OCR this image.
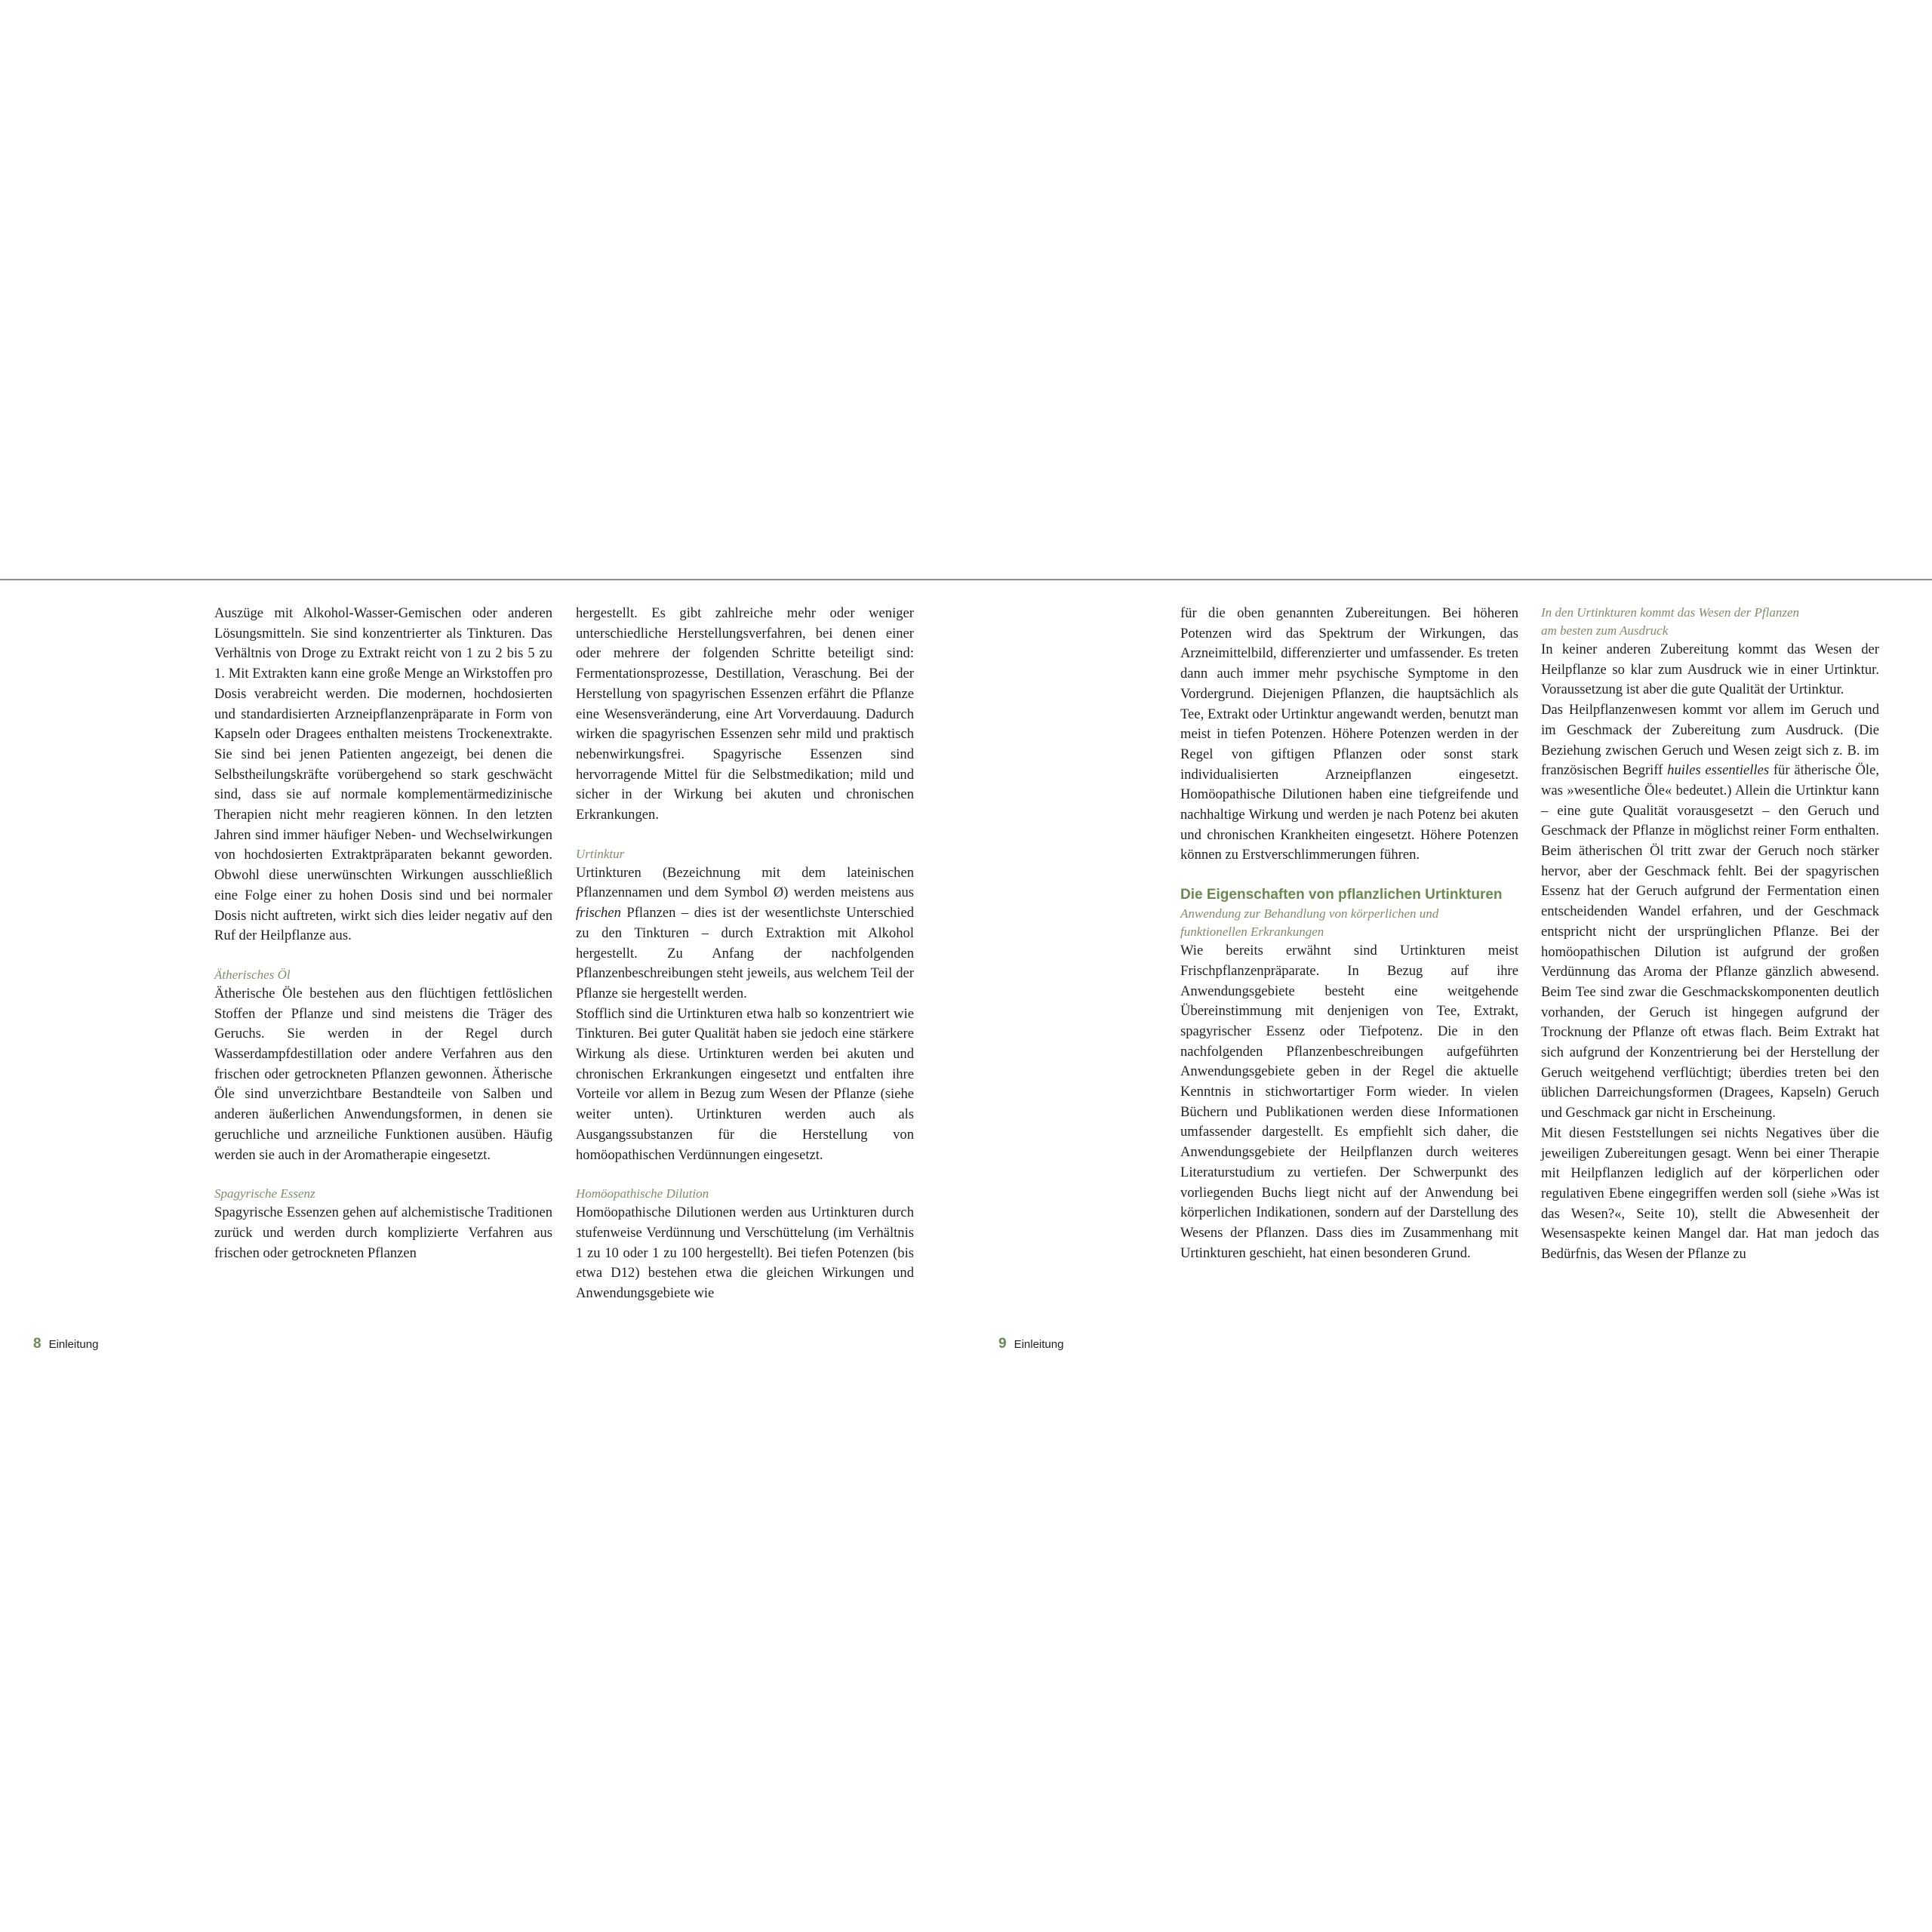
Auszüge mit Alkohol-Wasser-Gemischen oder anderen Lösungsmitteln. Sie sind konzentrierter als Tinkturen. Das Verhältnis von Droge zu Extrakt reicht von 1 zu 2 bis 5 zu 1. Mit Extrakten kann eine große Menge an Wirkstoffen pro Dosis verabreicht werden. Die modernen, hochdosierten und standardisierten Arzneipflanzenpräparate in Form von Kapseln oder Dragees enthalten meistens Trockenextrakte. Sie sind bei jenen Patienten angezeigt, bei denen die Selbstheilungskräfte vorübergehend so stark geschwächt sind, dass sie auf normale komplementärmedizinische Therapien nicht mehr reagieren können. In den letzten Jahren sind immer häufiger Neben- und Wechselwirkungen von hochdosierten Extraktpräparaten bekannt geworden. Obwohl diese unerwünschten Wirkungen ausschließlich eine Folge einer zu hohen Dosis sind und bei normaler Dosis nicht auftreten, wirkt sich dies leider negativ auf den Ruf der Heilpflanze aus.

Ätherisches Öl

Ätherische Öle bestehen aus den flüchtigen fettlöslichen Stoffen der Pflanze und sind meistens die Träger des Geruchs. Sie werden in der Regel durch Wasserdampfdestillation oder andere Verfahren aus den frischen oder getrockneten Pflanzen gewonnen. Ätherische Öle sind unverzichtbare Bestandteile von Salben und anderen äußerlichen Anwendungsformen, in denen sie geruchliche und arzneiliche Funktionen ausüben. Häufig werden sie auch in der Aromatherapie eingesetzt.

Spagyrische Essenz

Spagyrische Essenzen gehen auf alchemistische Traditionen zurück und werden durch komplizierte Verfahren aus frischen oder getrockneten Pflanzen

hergestellt. Es gibt zahlreiche mehr oder weniger unterschiedliche Herstellungsverfahren, bei denen einer oder mehrere der folgenden Schritte beteiligt sind: Fermentationsprozesse, Destillation, Veraschung. Bei der Herstellung von spagyrischen Essenzen erfährt die Pflanze eine Wesensveränderung, eine Art Vorverdauung. Dadurch wirken die spagyrischen Essenzen sehr mild und praktisch nebenwirkungsfrei. Spagyrische Essenzen sind hervorragende Mittel für die Selbstmedikation; mild und sicher in der Wirkung bei akuten und chronischen Erkrankungen.

Urtinktur

Urtinkturen (Bezeichnung mit dem lateinischen Pflanzennamen und dem Symbol Ø) werden meistens aus frischen Pflanzen – dies ist der wesentlichste Unterschied zu den Tinkturen – durch Extraktion mit Alkohol hergestellt. Zu Anfang der nachfolgenden Pflanzenbeschreibungen steht jeweils, aus welchem Teil der Pflanze sie hergestellt werden.

Stofflich sind die Urtinkturen etwa halb so konzentriert wie Tinkturen. Bei guter Qualität haben sie jedoch eine stärkere Wirkung als diese. Urtinkturen werden bei akuten und chronischen Erkrankungen eingesetzt und entfalten ihre Vorteile vor allem in Bezug zum Wesen der Pflanze (siehe weiter unten). Urtinkturen werden auch als Ausgangssubstanzen für die Herstellung von homöopathischen Verdünnungen eingesetzt.

Homöopathische Dilution

Homöopathische Dilutionen werden aus Urtinkturen durch stufenweise Verdünnung und Verschüttelung (im Verhältnis 1 zu 10 oder 1 zu 100 hergestellt). Bei tiefen Potenzen (bis etwa D12) bestehen etwa die gleichen Wirkungen und Anwendungsgebiete wie

für die oben genannten Zubereitungen. Bei höheren Potenzen wird das Spektrum der Wirkungen, das Arzneimittelbild, differenzierter und umfassender. Es treten dann auch immer mehr psychische Symptome in den Vordergrund. Diejenigen Pflanzen, die hauptsächlich als Tee, Extrakt oder Urtinktur angewandt werden, benutzt man meist in tiefen Potenzen. Höhere Potenzen werden in der Regel von giftigen Pflanzen oder sonst stark individualisierten Arzneipflanzen eingesetzt. Homöopathische Dilutionen haben eine tiefgreifende und nachhaltige Wirkung und werden je nach Potenz bei akuten und chronischen Krankheiten eingesetzt. Höhere Potenzen können zu Erstverschlimmerungen führen.

Die Eigenschaften von pflanzlichen Urtinkturen

Anwendung zur Behandlung von körperlichen und

funktionellen Erkrankungen

Wie bereits erwähnt sind Urtinkturen meist Frischpflanzenpräparate. In Bezug auf ihre Anwendungsgebiete besteht eine weitgehende Übereinstimmung mit denjenigen von Tee, Extrakt, spagyrischer Essenz oder Tiefpotenz. Die in den nachfolgenden Pflanzenbeschreibungen aufgeführten Anwendungsgebiete geben in der Regel die aktuelle Kenntnis in stichwortartiger Form wieder. In vielen Büchern und Publikationen werden diese Informationen umfassender dargestellt. Es empfiehlt sich daher, die Anwendungsgebiete der Heilpflanzen durch weiteres Literaturstudium zu vertiefen. Der Schwerpunkt des vorliegenden Buchs liegt nicht auf der Anwendung bei körperlichen Indikationen, sondern auf der Darstellung des Wesens der Pflanzen. Dass dies im Zusammenhang mit Urtinkturen geschieht, hat einen besonderen Grund.

In den Urtinkturen kommt das Wesen der Pflanzen

am besten zum Ausdruck

In keiner anderen Zubereitung kommt das Wesen der Heilpflanze so klar zum Ausdruck wie in einer Urtinktur. Voraussetzung ist aber die gute Qualität der Urtinktur.

Das Heilpflanzenwesen kommt vor allem im Geruch und im Geschmack der Zubereitung zum Ausdruck. (Die Beziehung zwischen Geruch und Wesen zeigt sich z. B. im französischen Begriff huiles essentielles für ätherische Öle, was »wesentliche Öle« bedeutet.) Allein die Urtinktur kann – eine gute Qualität vorausgesetzt – den Geruch und Geschmack der Pflanze in möglichst reiner Form enthalten. Beim ätherischen Öl tritt zwar der Geruch noch stärker hervor, aber der Geschmack fehlt. Bei der spagyrischen Essenz hat der Geruch aufgrund der Fermentation einen entscheidenden Wandel erfahren, und der Geschmack entspricht nicht der ursprünglichen Pflanze. Bei der homöopathischen Dilution ist aufgrund der großen Verdünnung das Aroma der Pflanze gänzlich abwesend. Beim Tee sind zwar die Geschmackskomponenten deutlich vorhanden, der Geruch ist hingegen aufgrund der Trocknung der Pflanze oft etwas flach. Beim Extrakt hat sich aufgrund der Konzentrierung bei der Herstellung der Geruch weitgehend verflüchtigt; überdies treten bei den üblichen Darreichungsformen (Dragees, Kapseln) Geruch und Geschmack gar nicht in Erscheinung.

Mit diesen Feststellungen sei nichts Negatives über die jeweiligen Zubereitungen gesagt. Wenn bei einer Therapie mit Heilpflanzen lediglich auf der körperlichen oder regulativen Ebene eingegriffen werden soll (siehe »Was ist das Wesen?«, Seite 10), stellt die Abwesenheit der Wesensaspekte keinen Mangel dar. Hat man jedoch das Bedürfnis, das Wesen der Pflanze zu

8 Einleitung	9 Einleitung
